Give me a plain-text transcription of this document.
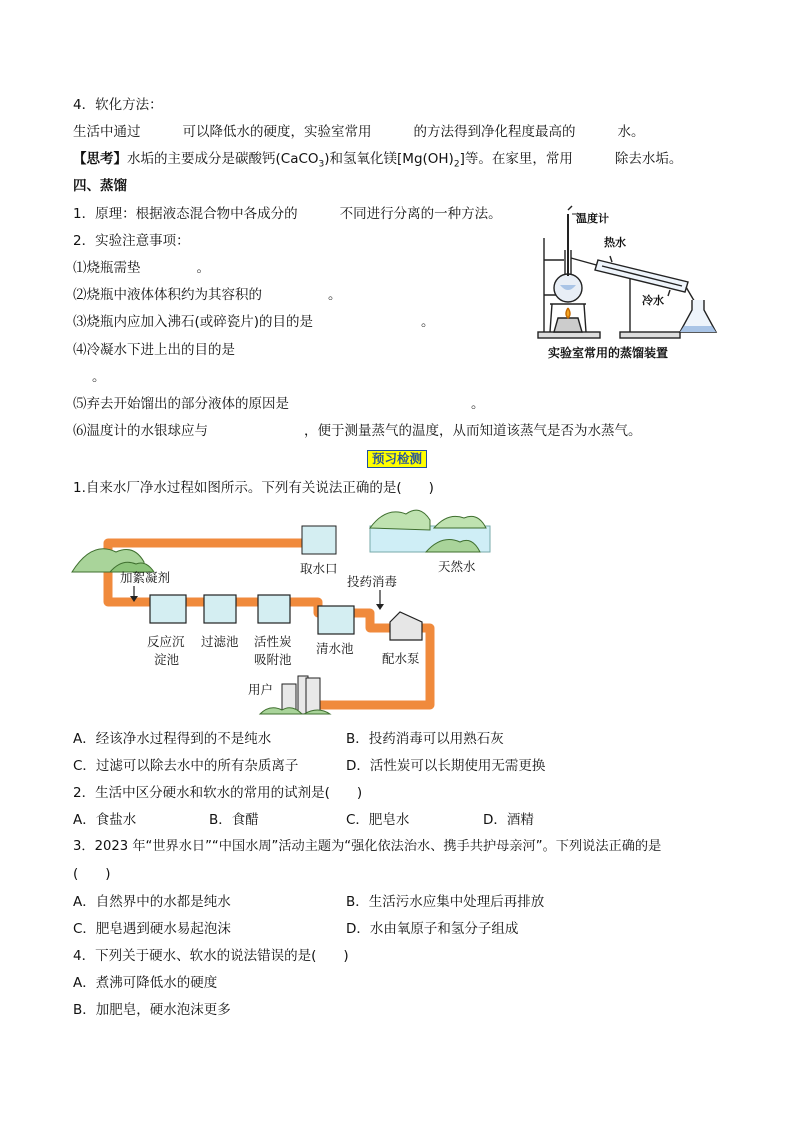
4．软化方法：
生活中通过	可以降低水的硬度，实验室常用	的方法得到净化程度最高的	水。
【思考】水垢的主要成分是碳酸钙(CaCO$_3$)和氢氧化镁$[Mg(OH)_2]$等。在家里，常用	除去水垢。
四、蒸馏
1．原理：根据液态混合物中各成分的	不同进行分离的一种方法。
2．实验注意事项：
⑴烧瓶需垫	。
⑵烧瓶中液体体积约为其容积的	。
⑶烧瓶内应加入沸石(或碎瓷片)的目的是	。
⑷冷凝水下进上出的目的是
。
⑸弃去开始馏出的部分液体的原因是	。
⑹温度计的水银球应与	，便于测量蒸气的温度，从而知道该蒸气是否为水蒸气。
温度计
热水
冷水
实验室常用的蒸馏装置
预习检测
1.自来水厂净水过程如图所示。下列有关说法正确的是(　　)
取水口	天然水
加絮凝剂
反应沉
淀池
过滤池 活性炭
吸附池
清水池
投药消毒
配水泵
用户
A．经该净水过程得到的不是纯水	B．投药消毒可以用熟石灰
C．过滤可以除去水中的所有杂质离子	D．活性炭可以长期使用无需更换
2．生活中区分硬水和软水的常用的试剂是(　　)
A．食盐水	B．食醋	C．肥皂水	D．酒精
3．2023 年“世界水日”“中国水周”活动主题为“强化依法治水、携手共护母亲河”。下列说法正确的是
(　　)
A．自然界中的水都是纯水	B．生活污水应集中处理后再排放
C．肥皂遇到硬水易起泡沫	D．水由氧原子和氢分子组成
4．下列关于硬水、软水的说法错误的是(　　)
A．煮沸可降低水的硬度
B．加肥皂，硬水泡沫更多
